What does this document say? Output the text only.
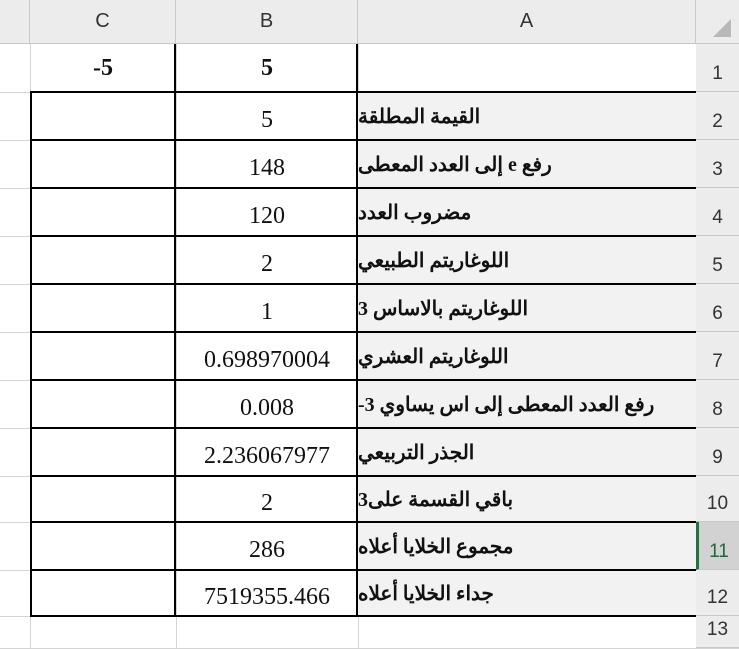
C	B	A
1
5
-5
2
القيمة المطلقة
5
3
رفع e إلى العدد المعطى
148
4
مضروب العدد
120
5
اللوغاريتم الطبيعي
2
6
اللوغاريتم بالاساس 3
1
7
اللوغاريتم العشري
0.698970004
8
رفع العدد المعطى إلى اس يساوي 3-
0.008
9
الجذر التربيعي
2.236067977
10
باقي القسمة على3
2
11
مجموع الخلايا أعلاه
286
12
جداء الخلايا أعلاه
7519355.466
13
